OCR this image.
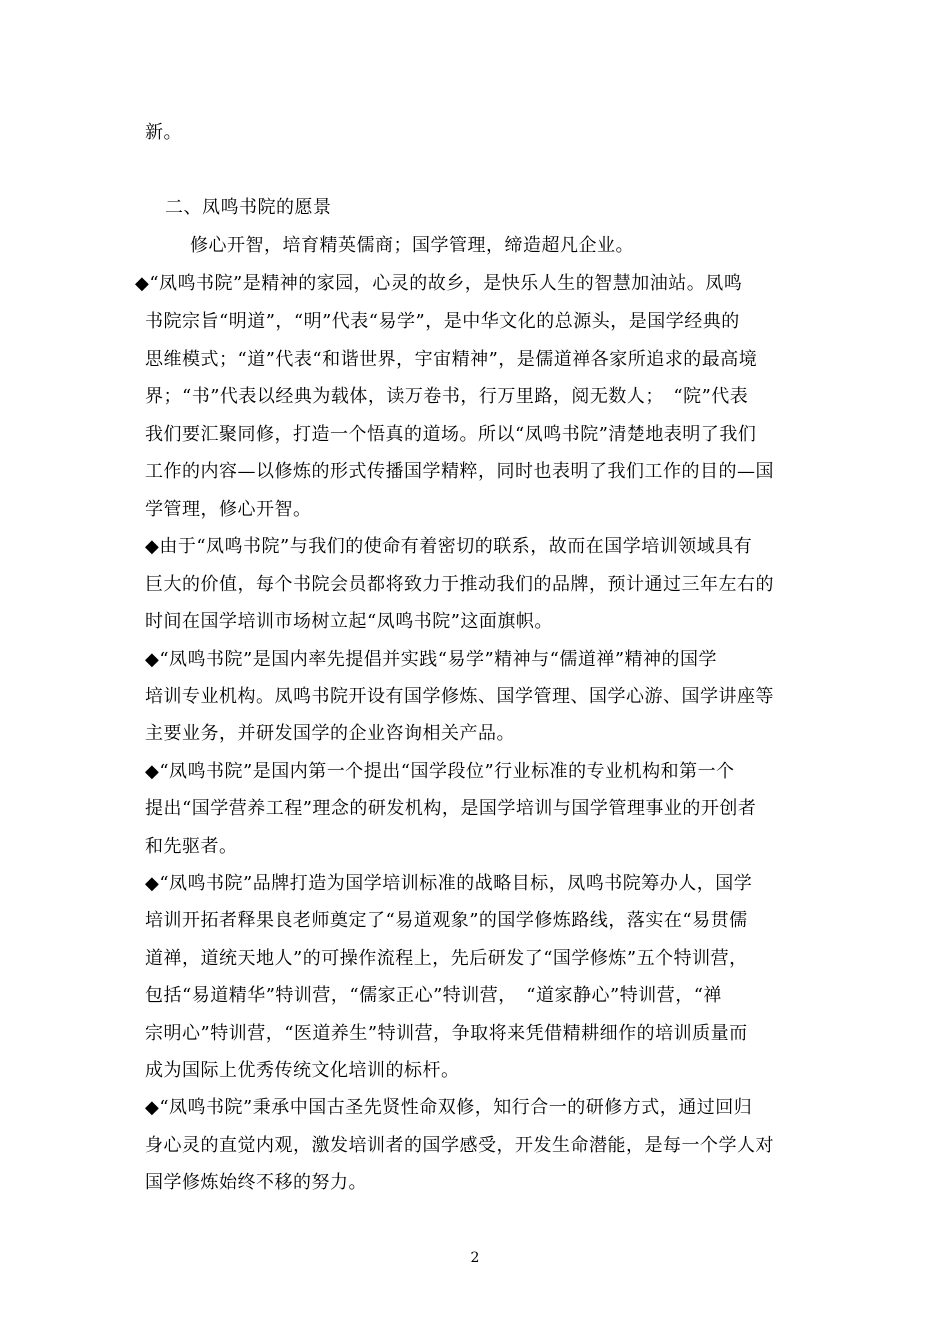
新。
二、凤鸣书院的愿景
修心开智，培育精英儒商；国学管理，缔造超凡企业。
◆“凤鸣书院”是精神的家园，心灵的故乡，是快乐人生的智慧加油站。凤鸣
书院宗旨“明道”，“明”代表“易学”，是中华文化的总源头，是国学经典的
思维模式；“道”代表“和谐世界，宇宙精神”，是儒道禅各家所追求的最高境
界；“书”代表以经典为载体，读万卷书，行万里路，阅无数人；　“院”代表
我们要汇聚同修，打造一个悟真的道场。所以“凤鸣书院”清楚地表明了我们
工作的内容—以修炼的形式传播国学精粹，同时也表明了我们工作的目的—国
学管理，修心开智。
◆由于“凤鸣书院”与我们的使命有着密切的联系，故而在国学培训领域具有
巨大的价值，每个书院会员都将致力于推动我们的品牌，预计通过三年左右的
时间在国学培训市场树立起“凤鸣书院”这面旗帜。
◆“凤鸣书院”是国内率先提倡并实践“易学”精神与“儒道禅”精神的国学
培训专业机构。凤鸣书院开设有国学修炼、国学管理、国学心游、国学讲座等
主要业务，并研发国学的企业咨询相关产品。
◆“凤鸣书院”是国内第一个提出“国学段位”行业标准的专业机构和第一个
提出“国学营养工程”理念的研发机构，是国学培训与国学管理事业的开创者
和先驱者。
◆“凤鸣书院”品牌打造为国学培训标准的战略目标，凤鸣书院筹办人，国学
培训开拓者释果良老师奠定了“易道观象”的国学修炼路线，落实在“易贯儒
道禅，道统天地人”的可操作流程上，先后研发了“国学修炼”五个特训营，
包括“易道精华”特训营，“儒家正心”特训营，　“道家静心”特训营，“禅
宗明心”特训营，“医道养生”特训营，争取将来凭借精耕细作的培训质量而
成为国际上优秀传统文化培训的标杆。
◆“凤鸣书院”秉承中国古圣先贤性命双修，知行合一的研修方式，通过回归
身心灵的直觉内观，激发培训者的国学感受，开发生命潜能，是每一个学人对
国学修炼始终不移的努力。
2
